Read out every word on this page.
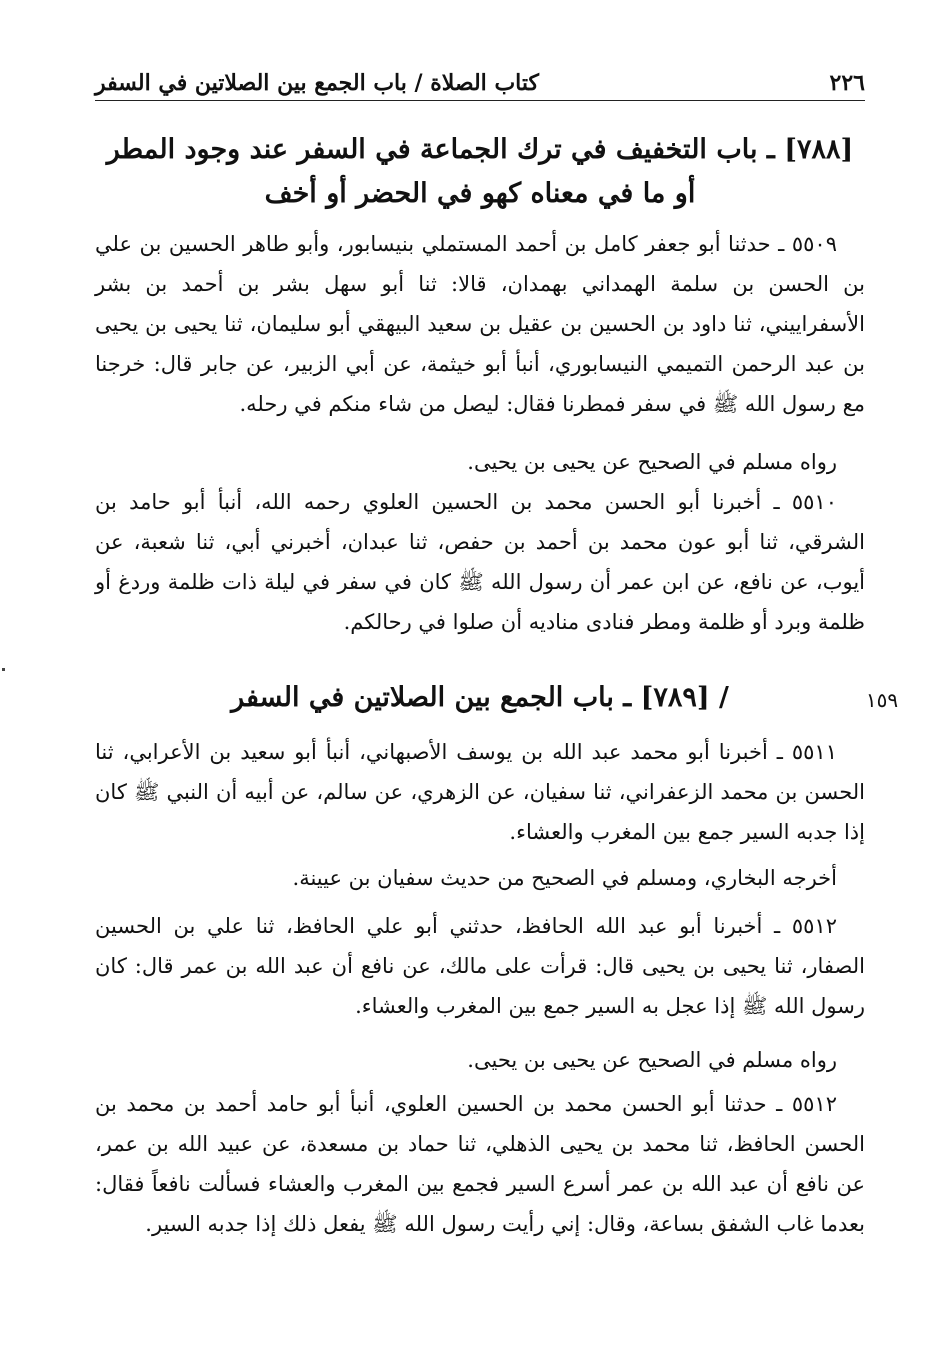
٢٢٦
كتاب الصلاة / باب الجمع بين الصلاتين في السفر
[٧٨٨] ـ باب التخفيف في ترك الجماعة في السفر عند وجود المطر أو ما في معناه كهو في الحضر أو أخف
٥٥٠٩ ـ حدثنا أبو جعفر كامل بن أحمد المستملي بنيسابور، وأبو طاهر الحسين بن علي بن الحسن بن سلمة الهمداني بهمدان، قالا: ثنا أبو سهل بشر بن أحمد بن بشر الأسفراييني، ثنا داود بن الحسين بن عقيل بن سعيد البيهقي أبو سليمان، ثنا يحيى بن يحيى بن عبد الرحمن التميمي النيسابوري، أنبأ أبو خيثمة، عن أبي الزبير، عن جابر قال: خرجنا مع رسول الله ﷺ في سفر فمطرنا فقال: ليصل من شاء منكم في رحله.
رواه مسلم في الصحيح عن يحيى بن يحيى.
٥٥١٠ ـ أخبرنا أبو الحسن محمد بن الحسين العلوي رحمه الله، أنبأ أبو حامد بن الشرقي، ثنا أبو عون محمد بن أحمد بن حفص، ثنا عبدان، أخبرني أبي، ثنا شعبة، عن أيوب، عن نافع، عن ابن عمر أن رسول الله ﷺ كان في سفر في ليلة ذات ظلمة وردغ أو ظلمة وبرد أو ظلمة ومطر فنادى مناديه أن صلوا في رحالكم.
/ [٧٨٩] ـ باب الجمع بين الصلاتين في السفر	١٥٩
٥٥١١ ـ أخبرنا أبو محمد عبد الله بن يوسف الأصبهاني، أنبأ أبو سعيد بن الأعرابي، ثنا الحسن بن محمد الزعفراني، ثنا سفيان، عن الزهري، عن سالم، عن أبيه أن النبي ﷺ كان إذا جدبه السير جمع بين المغرب والعشاء.
أخرجه البخاري، ومسلم في الصحيح من حديث سفيان بن عيينة.
٥٥١٢ ـ أخبرنا أبو عبد الله الحافظ، حدثني أبو علي الحافظ، ثنا علي بن الحسين الصفار، ثنا يحيى بن يحيى قال: قرأت على مالك، عن نافع أن عبد الله بن عمر قال: كان رسول الله ﷺ إذا عجل به السير جمع بين المغرب والعشاء.
رواه مسلم في الصحيح عن يحيى بن يحيى.
٥٥١٢ ـ حدثنا أبو الحسن محمد بن الحسين العلوي، أنبأ أبو حامد أحمد بن محمد بن الحسن الحافظ، ثنا محمد بن يحيى الذهلي، ثنا حماد بن مسعدة، عن عبيد الله بن عمر، عن نافع أن عبد الله بن عمر أسرع السير فجمع بين المغرب والعشاء فسألت نافعاً فقال: بعدما غاب الشفق بساعة، وقال: إني رأيت رسول الله ﷺ يفعل ذلك إذا جدبه السير.
